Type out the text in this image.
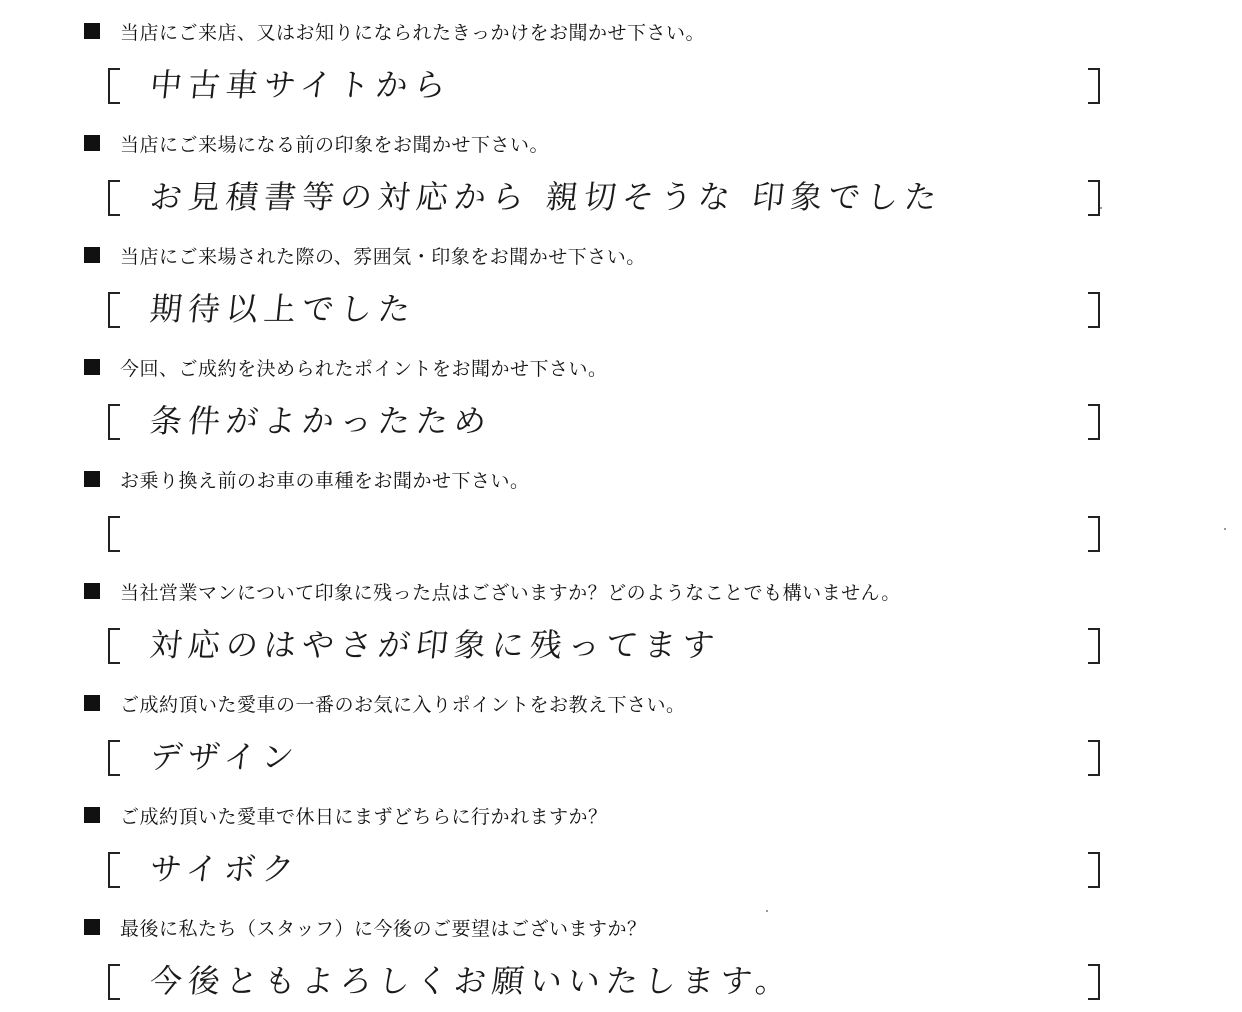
当店にご来店、又はお知りになられたきっかけをお聞かせ下さい。
中古車サイトから
当店にご来場になる前の印象をお聞かせ下さい。
お見積書等の対応から 親切そうな 印象でした
当店にご来場された際の、雰囲気・印象をお聞かせ下さい。
期待以上でした
今回、ご成約を決められたポイントをお聞かせ下さい。
条件がよかったため
お乗り換え前のお車の車種をお聞かせ下さい。
当社営業マンについて印象に残った点はございますか？どのようなことでも構いません。
対応のはやさが印象に残ってます
ご成約頂いた愛車の一番のお気に入りポイントをお教え下さい。
デザイン
ご成約頂いた愛車で休日にまずどちらに行かれますか？
サイボク
最後に私たち（スタッフ）に今後のご要望はございますか？
今後ともよろしくお願いいたします。
